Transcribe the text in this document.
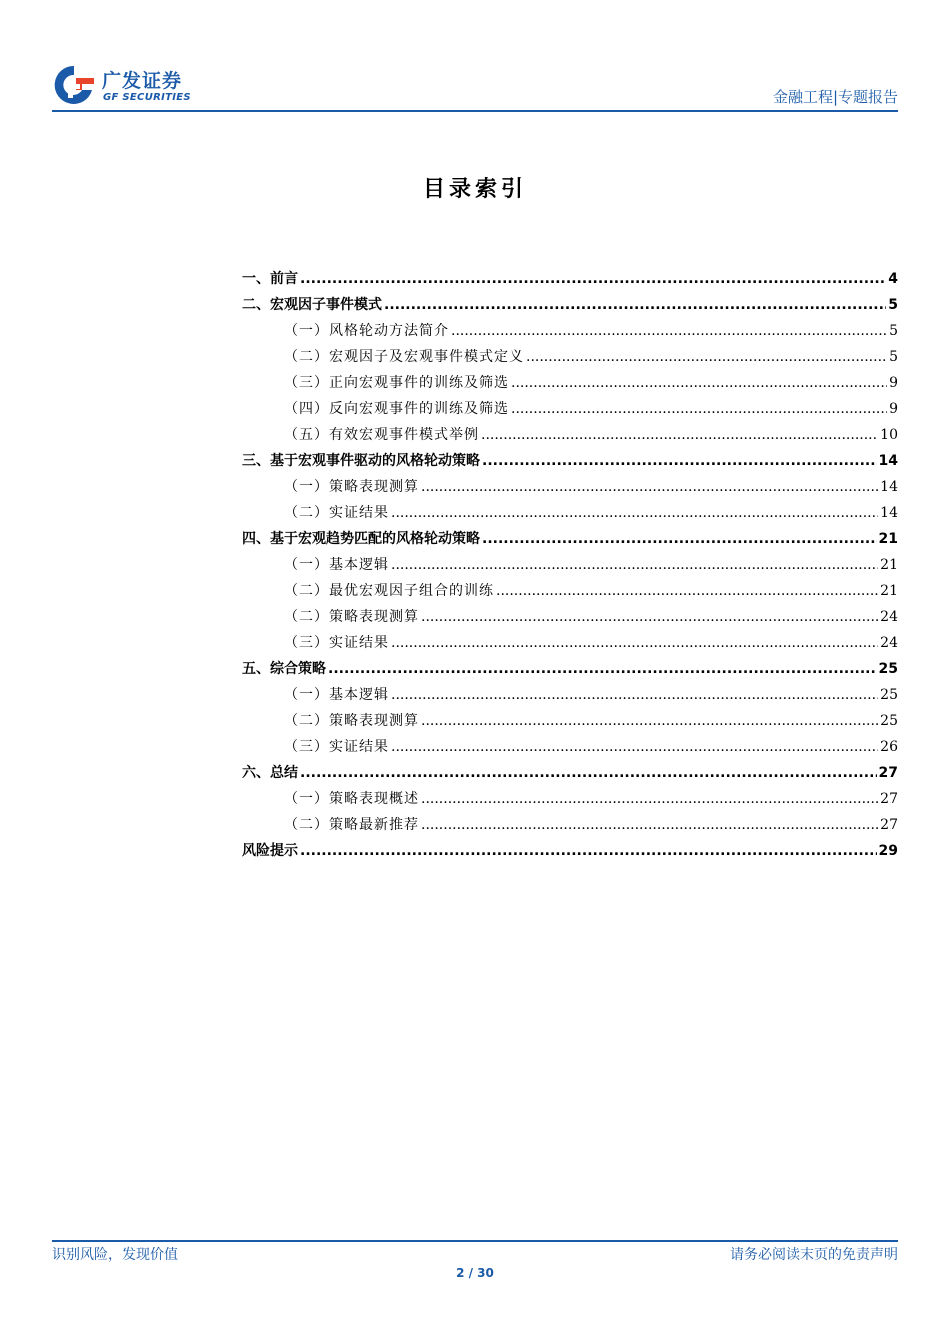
广发证券
GF SECURITIES	金融工程|专题报告
目录索引
一、前言 .....	4
二、宏观因子事件模式 .....	5
（一）风格轮动方法简介 .....	5
（二）宏观因子及宏观事件模式定义 .....	5
（三）正向宏观事件的训练及筛选 .....	9
（四）反向宏观事件的训练及筛选 .....	9
（五）有效宏观事件模式举例 .....	10
三、基于宏观事件驱动的风格轮动策略 .....	14
（一）策略表现测算 .....	14
（二）实证结果 .....	14
四、基于宏观趋势匹配的风格轮动策略 .....	21
（一）基本逻辑 .....	21
（二）最优宏观因子组合的训练 .....	21
（二）策略表现测算 .....	24
（三）实证结果 .....	24
五、综合策略 .....	25
（一）基本逻辑 .....	25
（二）策略表现测算 .....	25
（三）实证结果 .....	26
六、总结 .....	27
（一）策略表现概述 .....	27
（二）策略最新推荐 .....	27
风险提示 .....	29
识别风险，发现价值	请务必阅读末页的免责声明
2 / 30
